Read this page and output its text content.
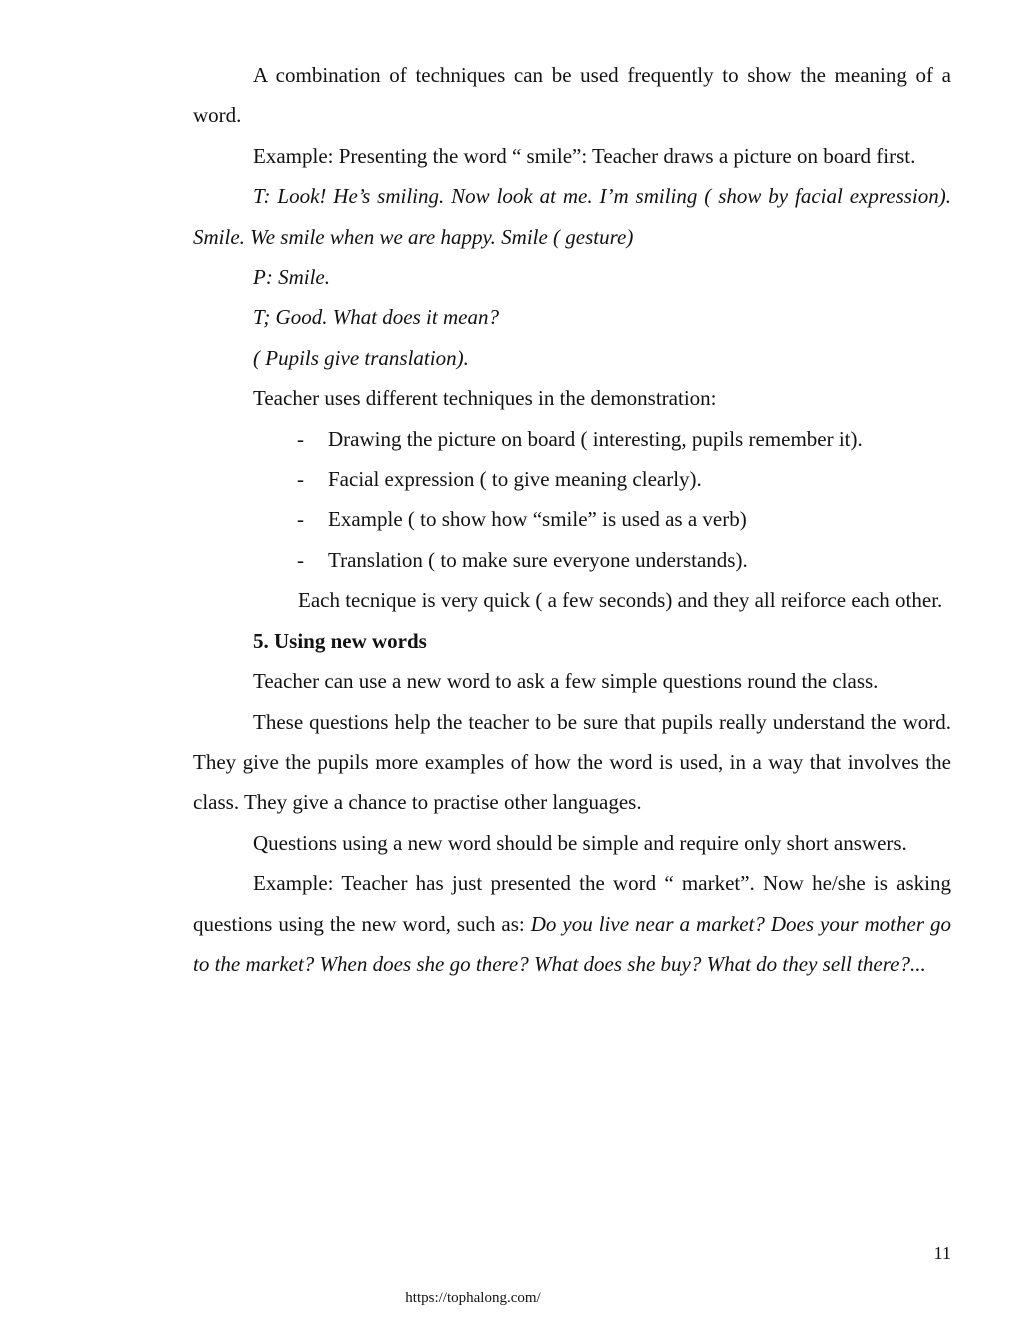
A combination of techniques can be used frequently to show the meaning of a word.

Example: Presenting the word “ smile”: Teacher draws a picture on board first.

T: Look! He’s smiling. Now look at me. I’m smiling ( show by facial expression). Smile. We smile when we are happy. Smile ( gesture)

P: Smile.

T; Good. What does it mean?

( Pupils give translation).

Teacher uses different techniques in the demonstration:

- Drawing the picture on board ( interesting, pupils remember it).
- Facial expression ( to give meaning clearly).
- Example ( to show how “smile” is used as a verb)
- Translation ( to make sure everyone understands).

Each tecnique is very quick ( a few seconds) and they all reiforce each other.

5. Using new words

Teacher can use a new word to ask a few simple questions round the class.

These questions help the teacher to be sure that pupils really understand the word. They give the pupils more examples of how the word is used, in a way that involves the class. They give a chance to practise other languages.

Questions using a new word should be simple and require only short answers.

Example: Teacher has just presented the word “ market”. Now he/she is asking questions using the new word, such as: Do you live near a market? Does your mother go to the market? When does she go there? What does she buy? What do they sell there?...

11
https://tophalong.com/
